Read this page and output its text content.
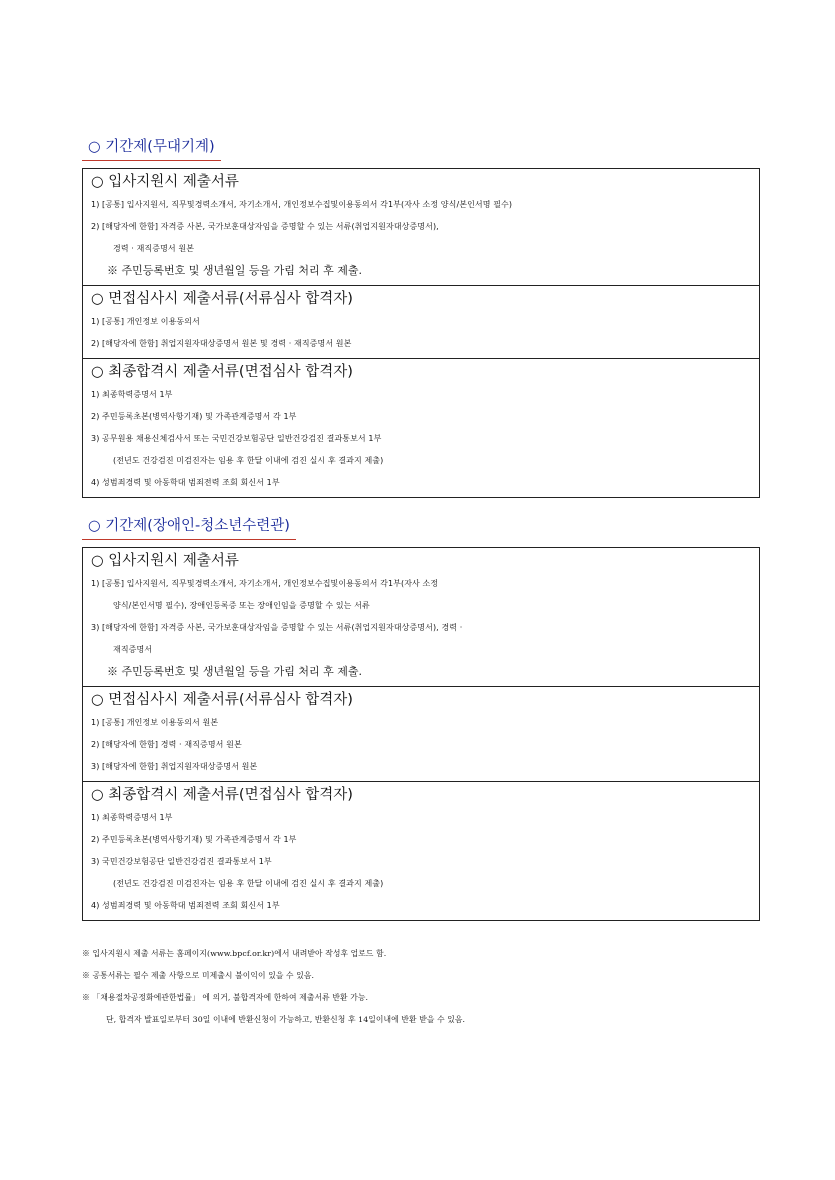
○ 기간제(무대기계)
○ 입사지원시 제출서류
1) [공통] 입사지원서, 직무및경력소개서, 자기소개서, 개인정보수집및이용동의서 각1부(자사 소정 양식/본인서명 필수)
2) [해당자에 한함] 자격증 사본, 국가보훈대상자임을 증명할 수 있는 서류(취업지원자대상증명서),
경력 · 재직증명서 원본
※ 주민등록번호 및 생년월일 등을 가림 처리 후 제출.
○ 면접심사시 제출서류(서류심사 합격자)
1) [공통] 개인정보 이용동의서
2) [해당자에 한함] 취업지원자대상증명서 원본 및 경력 · 재직증명서 원본
○ 최종합격시 제출서류(면접심사 합격자)
1) 최종학력증명서 1부
2) 주민등록초본(병역사항기재) 및 가족관계증명서 각 1부
3) 공무원용 채용신체검사서 또는 국민건강보험공단 일반건강검진 결과통보서 1부
(전년도 건강검진 미검진자는 임용 후 한달 이내에 검진 실시 후 결과지 제출)
4) 성범죄경력 및 아동학대 범죄전력 조회 회신서 1부
○ 기간제(장애인-청소년수련관)
○ 입사지원시 제출서류
1) [공통] 입사지원서, 직무및경력소개서, 자기소개서, 개인정보수집및이용동의서 각1부(자사 소정
양식/본인서명 필수), 장애인등록증 또는 장애인임을 증명할 수 있는 서류
3) [해당자에 한함] 자격증 사본, 국가보훈대상자임을 증명할 수 있는 서류(취업지원자대상증명서), 경력 ·
재직증명서
※ 주민등록번호 및 생년월일 등을 가림 처리 후 제출.
○ 면접심사시 제출서류(서류심사 합격자)
1) [공통] 개인정보 이용동의서 원본
2) [해당자에 한함] 경력 · 재직증명서 원본
3) [해당자에 한함] 취업지원자대상증명서 원본
○ 최종합격시 제출서류(면접심사 합격자)
1) 최종학력증명서 1부
2) 주민등록초본(병역사항기재) 및 가족관계증명서 각 1부
3) 국민건강보험공단 일반건강검진 결과통보서 1부
(전년도 건강검진 미검진자는 임용 후 한달 이내에 검진 실시 후 결과지 제출)
4) 성범죄경력 및 아동학대 범죄전력 조회 회신서 1부
※ 입사지원시 제출 서류는 홈페이지(www.bpcf.or.kr)에서 내려받아 작성후 업로드 함.
※ 공통서류는 필수 제출 사항으로 미제출시 불이익이 있을 수 있음.
※ 「채용절차공정화에관한법률」 에 의거, 불합격자에 한하여 제출서류 반환 가능.
단, 합격자 발표일로부터 30일 이내에 반환신청이 가능하고, 반환신청 후 14일이내에 반환 받을 수 있음.
